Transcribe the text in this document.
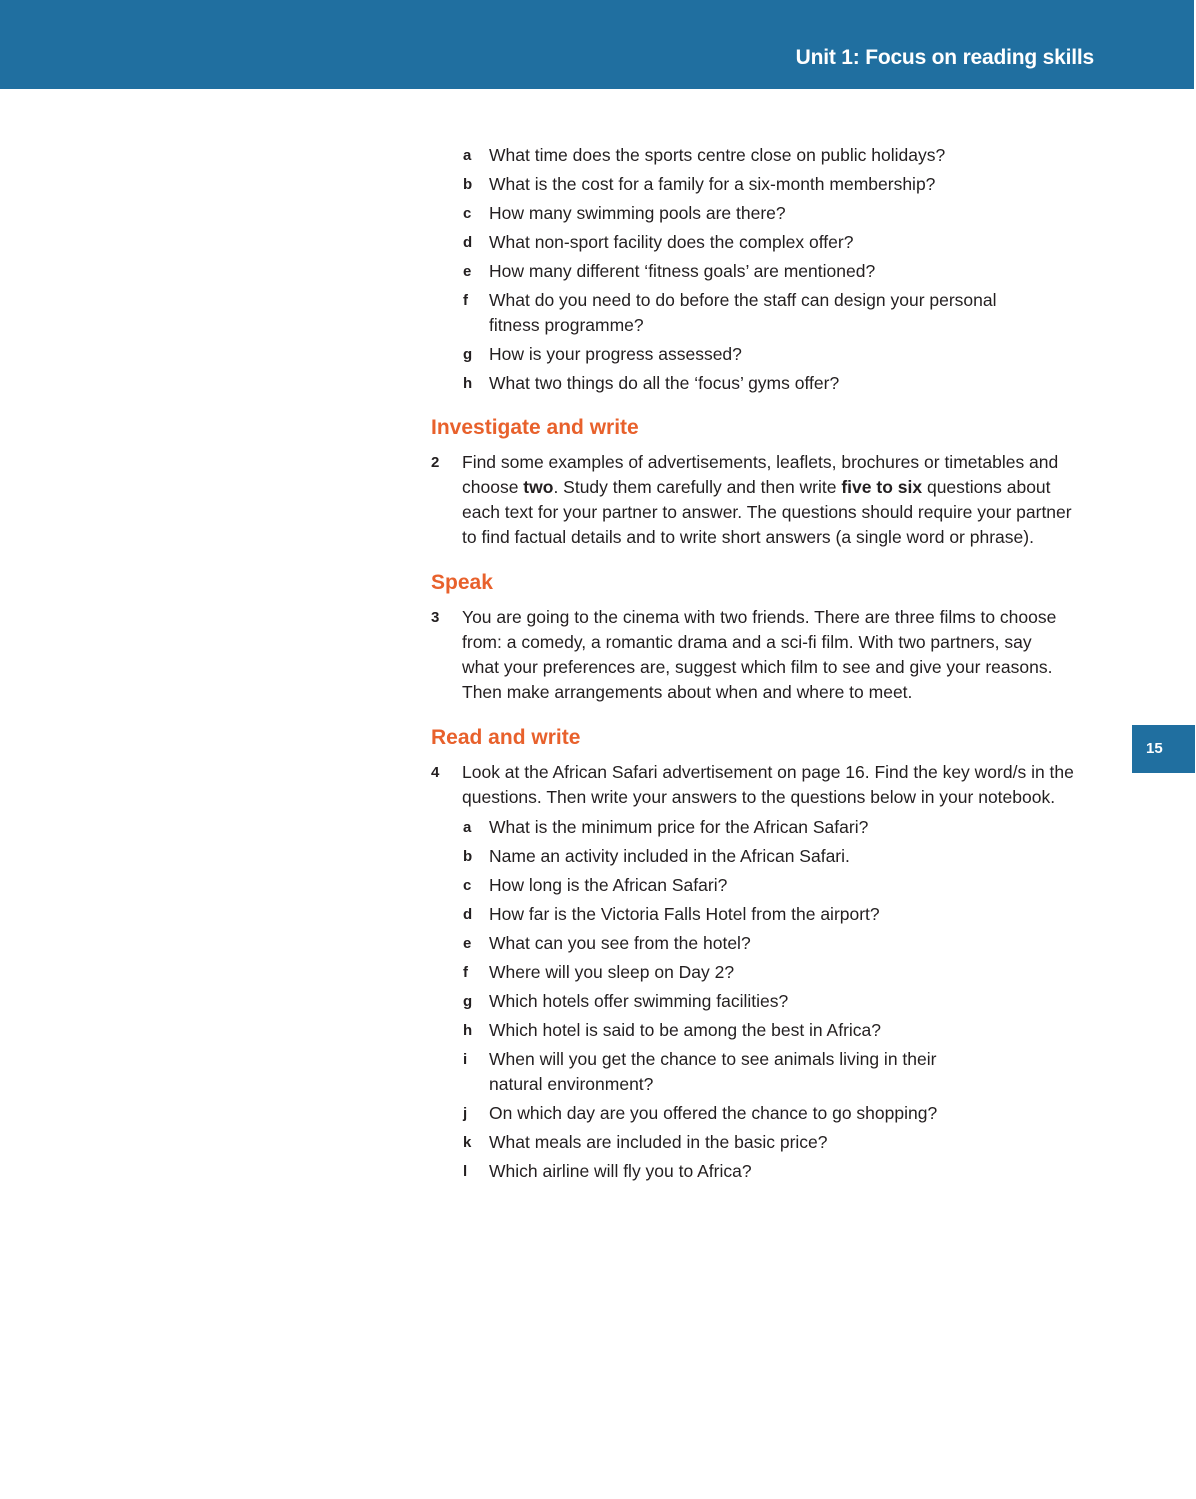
Unit 1: Focus on reading skills
15
a	What time does the sports centre close on public holidays?
b What is the cost for a family for a six-month membership?
c	How many swimming pools are there?
d What non-sport facility does the complex offer?
e	How many different ‘fitness goals’ are mentioned?
f	What do you need to do before the staff can design your personal fitness programme?
g How is your progress assessed?
h What two things do all the ‘focus’ gyms offer?
Investigate and write
2	Find some examples of advertisements, leaflets, brochures or timetables and choose two. Study them carefully and then write five to six questions about each text for your partner to answer. The questions should require your partner to find factual details and to write short answers (a single word or phrase).
Speak
3	You are going to the cinema with two friends. There are three films to choose from: a comedy, a romantic drama and a sci-fi film. With two partners, say what your preferences are, suggest which film to see and give your reasons. Then make arrangements about when and where to meet.
Read and write
4	Look at the African Safari advertisement on page 16. Find the key word/s in the questions. Then write your answers to the questions below in your notebook.
a	What is the minimum price for the African Safari?
b Name an activity included in the African Safari.
c	How long is the African Safari?
d How far is the Victoria Falls Hotel from the airport?
e	What can you see from the hotel?
f	Where will you sleep on Day 2?
g Which hotels offer swimming facilities?
h Which hotel is said to be among the best in Africa?
i	When will you get the chance to see animals living in their natural environment?
j	On which day are you offered the chance to go shopping?
k	What meals are included in the basic price?
l	Which airline will fly you to Africa?
